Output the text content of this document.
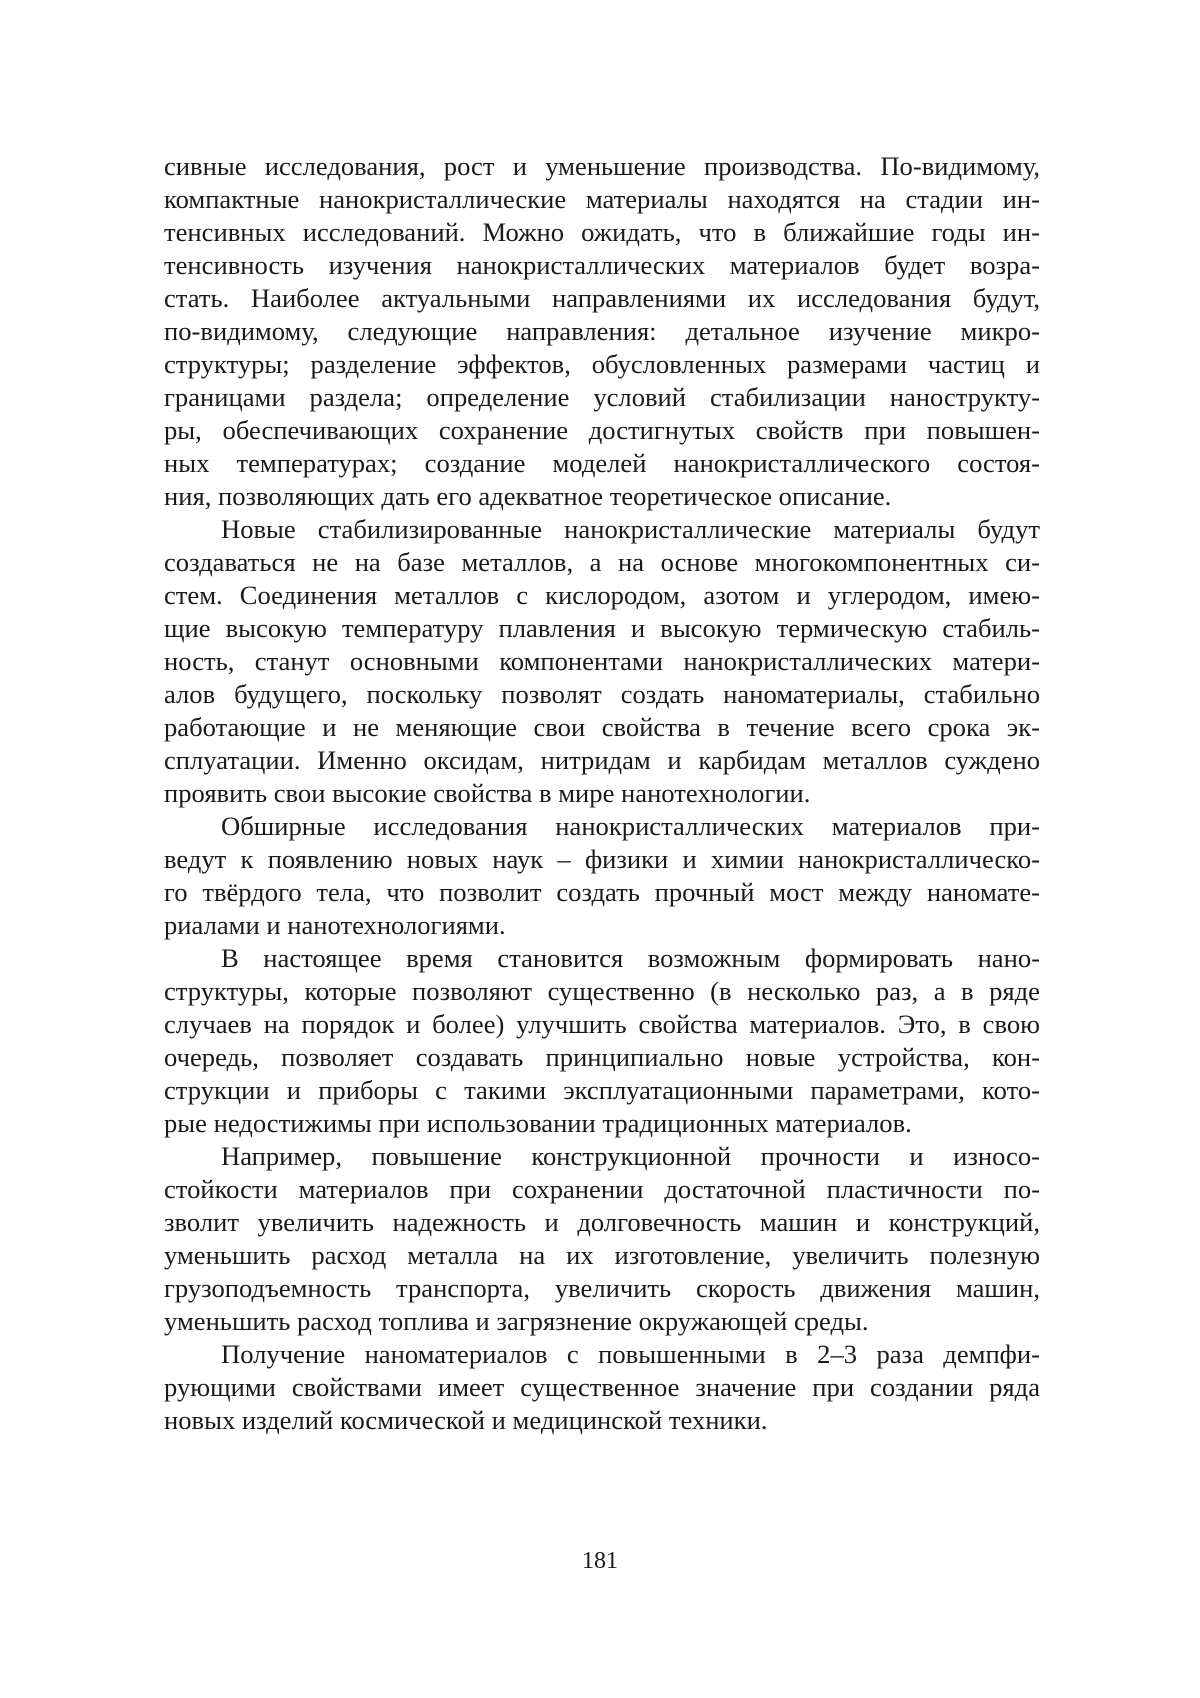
сивные исследования, рост и уменьшение производства. По-видимому,
компактные нанокристаллические материалы находятся на стадии ин-
тенсивных исследований. Можно ожидать, что в ближайшие годы ин-
тенсивность изучения нанокристаллических материалов будет возра-
стать. Наиболее актуальными направлениями их исследования будут,
по-видимому, следующие направления: детальное изучение микро-
структуры; разделение эффектов, обусловленных размерами частиц и
границами раздела; определение условий стабилизации нанострукту-
ры, обеспечивающих сохранение достигнутых свойств при повышен-
ных температурах; создание моделей нанокристаллического состоя-
ния, позволяющих дать его адекватное теоретическое описание.

Новые стабилизированные нанокристаллические материалы будут
создаваться не на базе металлов, а на основе многокомпонентных си-
стем. Соединения металлов с кислородом, азотом и углеродом, имею-
щие высокую температуру плавления и высокую термическую стабиль-
ность, станут основными компонентами нанокристаллических матери-
алов будущего, поскольку позволят создать наноматериалы, стабильно
работающие и не меняющие свои свойства в течение всего срока эк-
сплуатации. Именно оксидам, нитридам и карбидам металлов суждено
проявить свои высокие свойства в мире нанотехнологии.

Обширные исследования нанокристаллических материалов при-
ведут к появлению новых наук – физики и химии нанокристаллическо-
го твёрдого тела, что позволит создать прочный мост между наномате-
риалами и нанотехнологиями.

В настоящее время становится возможным формировать нано-
структуры, которые позволяют существенно (в несколько раз, а в ряде
случаев на порядок и более) улучшить свойства материалов. Это, в свою
очередь, позволяет создавать принципиально новые устройства, кон-
струкции и приборы с такими эксплуатационными параметрами, кото-
рые недостижимы при использовании традиционных материалов.

Например, повышение конструкционной прочности и износо-
стойкости материалов при сохранении достаточной пластичности по-
зволит увеличить надежность и долговечность машин и конструкций,
уменьшить расход металла на их изготовление, увеличить полезную
грузоподъемность транспорта, увеличить скорость движения машин,
уменьшить расход топлива и загрязнение окружающей среды.

Получение наноматериалов с повышенными в 2–3 раза демпфи-
рующими свойствами имеет существенное значение при создании ряда
новых изделий космической и медицинской техники.

181
